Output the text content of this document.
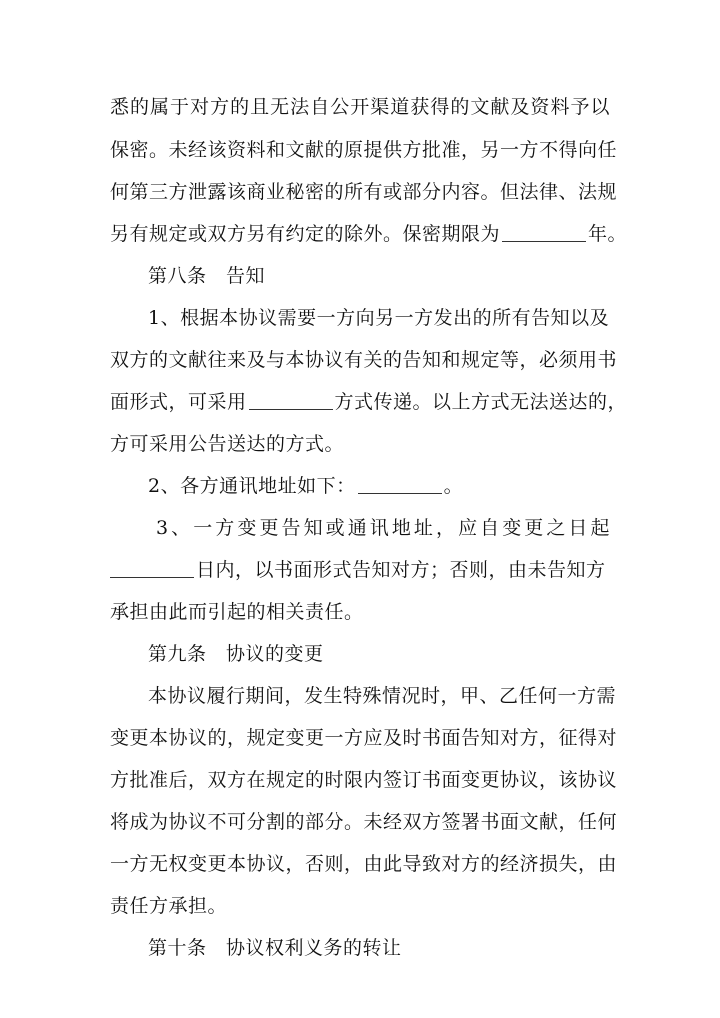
悉的属于对方的且无法自公开渠道获得的文献及资料予以
保密。未经该资料和文献的原提供方批准，另一方不得向任
何第三方泄露该商业秘密的所有或部分内容。但法律、法规
另有规定或双方另有约定的除外。保密期限为	年。
第八条　告知
1、根据本协议需要一方向另一方发出的所有告知以及
双方的文献往来及与本协议有关的告知和规定等，必须用书
面形式，可采用	方式传递。以上方式无法送达的，
方可采用公告送达的方式。
2、各方通讯地址如下：	。
3、一方变更告知或通讯地址，应自变更之日起
日内，以书面形式告知对方；否则，由未告知方
承担由此而引起的相关责任。
第九条　协议的变更
本协议履行期间，发生特殊情况时，甲、乙任何一方需
变更本协议的，规定变更一方应及时书面告知对方，征得对
方批准后，双方在规定的时限内签订书面变更协议，该协议
将成为协议不可分割的部分。未经双方签署书面文献，任何
一方无权变更本协议，否则，由此导致对方的经济损失，由
责任方承担。
第十条　协议权利义务的转让
